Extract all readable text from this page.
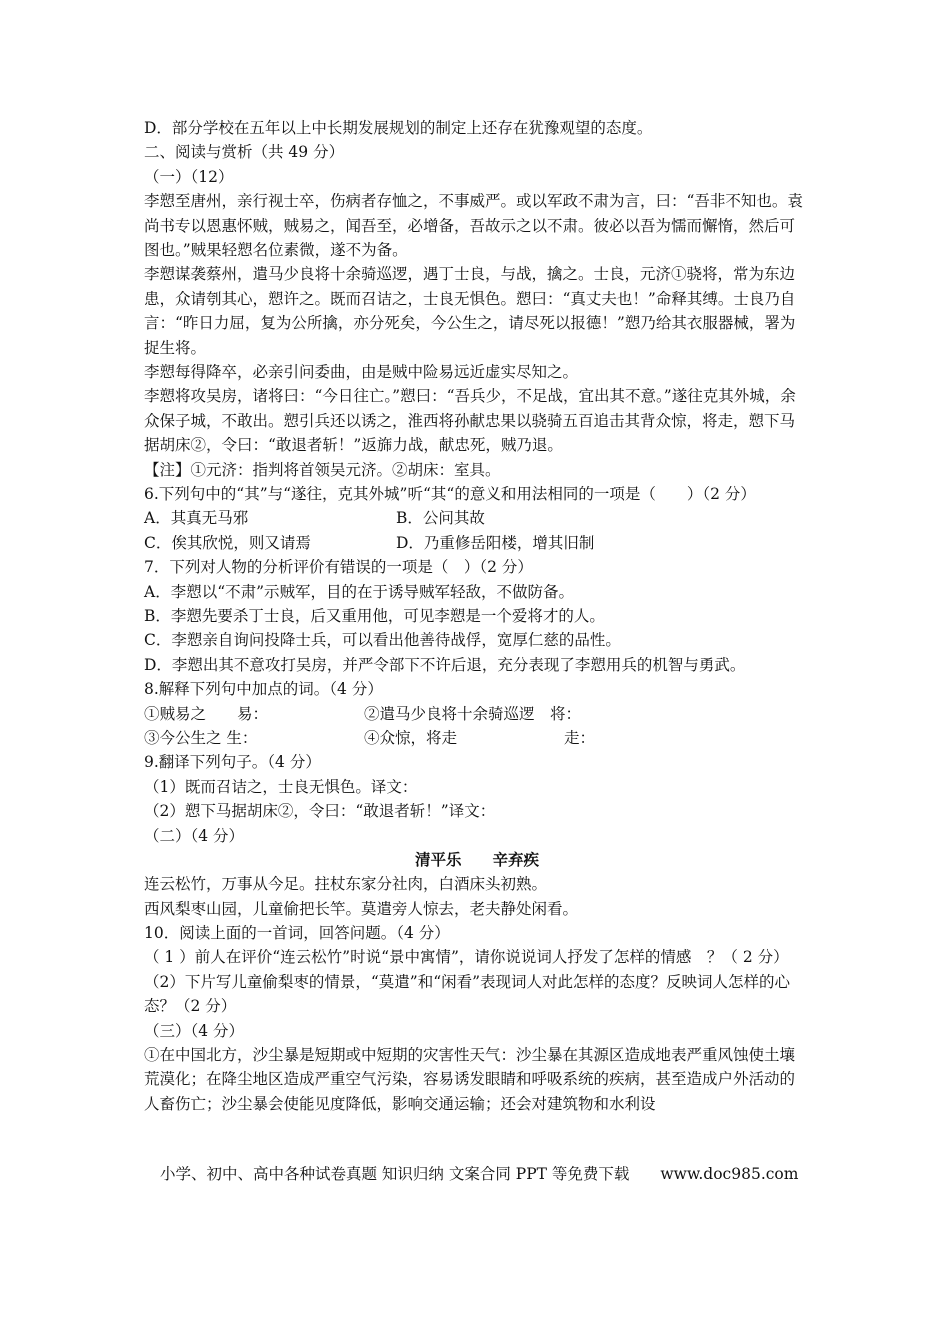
D．部分学校在五年以上中长期发展规划的制定上还存在犹豫观望的态度。
二、阅读与赏析（共 49 分）
（一）（12）
李愬至唐州，亲行视士卒，伤病者存恤之，不事威严。或以军政不肃为言，曰：“吾非不知也。袁尚书专以恩惠怀贼，贼易之，闻吾至，必增备，吾故示之以不肃。彼必以吾为懦而懈惰，然后可图也。”贼果轻愬名位素微，遂不为备。
李愬谋袭蔡州，遣马少良将十余骑巡逻，遇丁士良，与战，擒之。士良，元济①骁将，常为东边患，众请刳其心，愬许之。既而召诘之，士良无惧色。愬曰：“真丈夫也！”命释其缚。士良乃自言：“昨日力屈，复为公所擒，亦分死矣，今公生之，请尽死以报德！”愬乃给其衣服器械，署为捉生将。
李愬每得降卒，必亲引问委曲，由是贼中险易远近虚实尽知之。
李愬将攻吴房，诸将曰：“今日往亡。”愬曰：“吾兵少，不足战，宜出其不意。”遂往克其外城，余众保子城，不敢出。愬引兵还以诱之，淮西将孙献忠果以骁骑五百追击其背众惊，将走，愬下马据胡床②，令曰：“敢退者斩！”返旆力战，献忠死，贼乃退。
【注】①元济：指判将首领吴元济。②胡床：室具。
6.下列句中的“其”与“遂往，克其外城”听“其“的意义和用法相同的一项是（　　）（2 分）
A．其真无马邪	B．公问其故
C．俟其欣悦，则又请焉	D．乃重修岳阳楼，增其旧制
7．下列对人物的分析评价有错误的一项是（　）（2 分）
A．李愬以“不肃”示贼军，目的在于诱导贼军轻敌，不做防备。
B．李愬先要杀丁士良，后又重用他，可见李愬是一个爱将才的人。
C．李愬亲自询问投降士兵，可以看出他善待战俘，宽厚仁慈的品性。
D．李愬出其不意攻打吴房，并严令部下不许后退，充分表现了李愬用兵的机智与勇武。
8.解释下列句中加点的词。（4 分）
①贼易之　　易：	②遣马少良将十余骑巡逻　将：
③今公生之 生：	④众惊，将走	走：
9.翻译下列句子。（4 分）
（1）既而召诘之，士良无惧色。译文：
（2）愬下马据胡床②，令曰：“敢退者斩！”译文：
（二）（4 分）
清平乐　　辛弃疾
连云松竹，万事从今足。拄杖东家分社肉，白酒床头初熟。
西风梨枣山园，儿童偷把长竿。莫遣旁人惊去，老夫静处闲看。
10．阅读上面的一首词，回答问题。（4 分）
（ 1 ）前人在评价“连云松竹”时说“景中寓情”，请你说说词人抒发了怎样的情感　？（ 2 分）
（2）下片写儿童偷梨枣的情景，“莫遣”和“闲看”表现词人对此怎样的态度？反映词人怎样的心态？（2 分）
（三）（4 分）
①在中国北方，沙尘暴是短期或中短期的灾害性天气：沙尘暴在其源区造成地表严重风蚀使土壤荒漠化；在降尘地区造成严重空气污染，容易诱发眼睛和呼吸系统的疾病，甚至造成户外活动的人畜伤亡；沙尘暴会使能见度降低，影响交通运输；还会对建筑物和水利设
小学、初中、高中各种试卷真题 知识归纳 文案合同 PPT 等免费下载　　www.doc985.com
